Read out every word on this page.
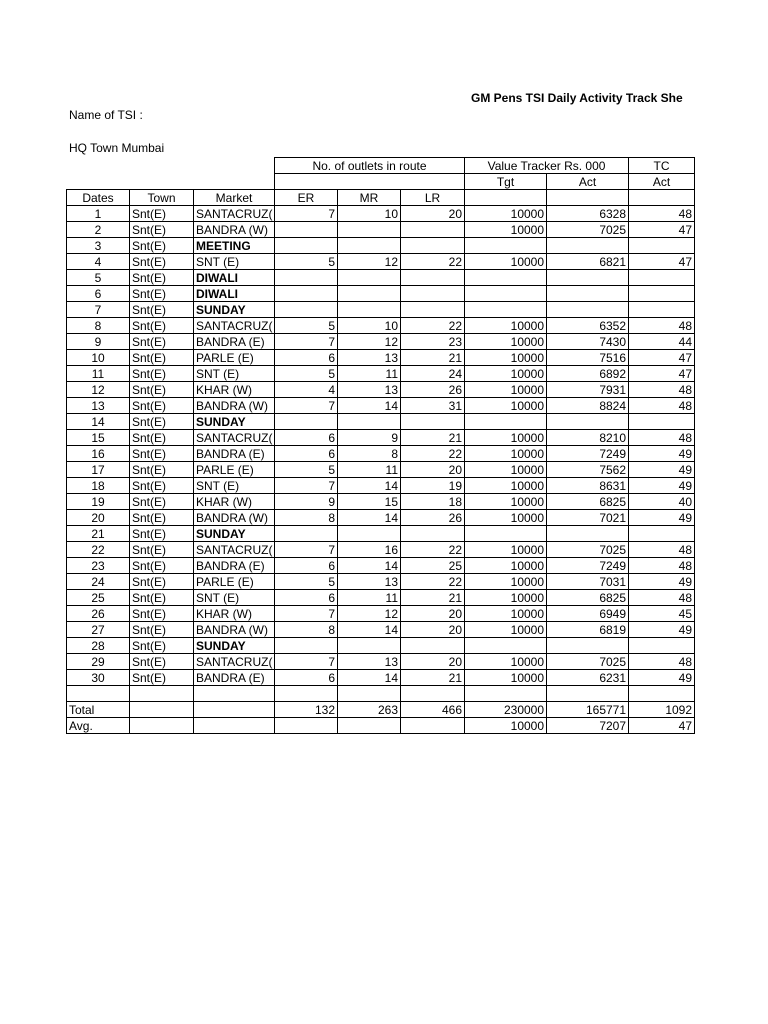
GM Pens TSI Daily Activity Track She
Name of TSI :
HQ Town Mumbai
			No. of outlets in route			Value Tracker Rs. 000		TC
						Tgt	Act	Act
Dates	Town	Market	ER	MR	LR			
1	Snt(E)	SANTACRUZ(	7	10	20	10000	6328	48
2	Snt(E)	BANDRA (W)				10000	7025	47
3	Snt(E)	MEETING						
4	Snt(E)	SNT (E)	5	12	22	10000	6821	47
5	Snt(E)	DIWALI						
6	Snt(E)	DIWALI						
7	Snt(E)	SUNDAY						
8	Snt(E)	SANTACRUZ(	5	10	22	10000	6352	48
9	Snt(E)	BANDRA (E)	7	12	23	10000	7430	44
10	Snt(E)	PARLE (E)	6	13	21	10000	7516	47
11	Snt(E)	SNT (E)	5	11	24	10000	6892	47
12	Snt(E)	KHAR (W)	4	13	26	10000	7931	48
13	Snt(E)	BANDRA (W)	7	14	31	10000	8824	48
14	Snt(E)	SUNDAY						
15	Snt(E)	SANTACRUZ(	6	9	21	10000	8210	48
16	Snt(E)	BANDRA (E)	6	8	22	10000	7249	49
17	Snt(E)	PARLE (E)	5	11	20	10000	7562	49
18	Snt(E)	SNT (E)	7	14	19	10000	8631	49
19	Snt(E)	KHAR (W)	9	15	18	10000	6825	40
20	Snt(E)	BANDRA (W)	8	14	26	10000	7021	49
21	Snt(E)	SUNDAY						
22	Snt(E)	SANTACRUZ(	7	16	22	10000	7025	48
23	Snt(E)	BANDRA (E)	6	14	25	10000	7249	48
24	Snt(E)	PARLE (E)	5	13	22	10000	7031	49
25	Snt(E)	SNT (E)	6	11	21	10000	6825	48
26	Snt(E)	KHAR (W)	7	12	20	10000	6949	45
27	Snt(E)	BANDRA (W)	8	14	20	10000	6819	49
28	Snt(E)	SUNDAY						
29	Snt(E)	SANTACRUZ(	7	13	20	10000	7025	48
30	Snt(E)	BANDRA (E)	6	14	21	10000	6231	49

Total			132	263	466	230000	165771	1092
Avg.						10000	7207	47
